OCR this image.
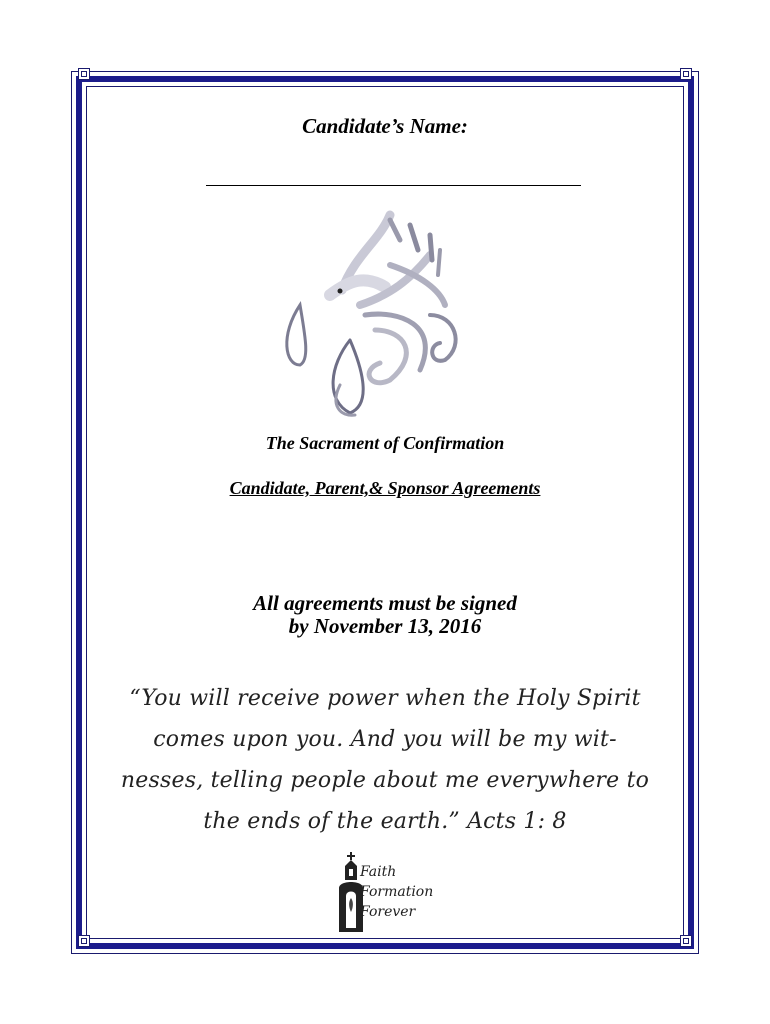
Candidate’s Name:
The Sacrament of Confirmation
Candidate, Parent,& Sponsor Agreements
All agreements must be signed
by November 13, 2016
“You will receive power when the Holy Spirit
comes upon you. And you will be my wit-
nesses, telling people about me everywhere to
the ends of the earth.” Acts 1: 8
Faith
Formation
Forever
